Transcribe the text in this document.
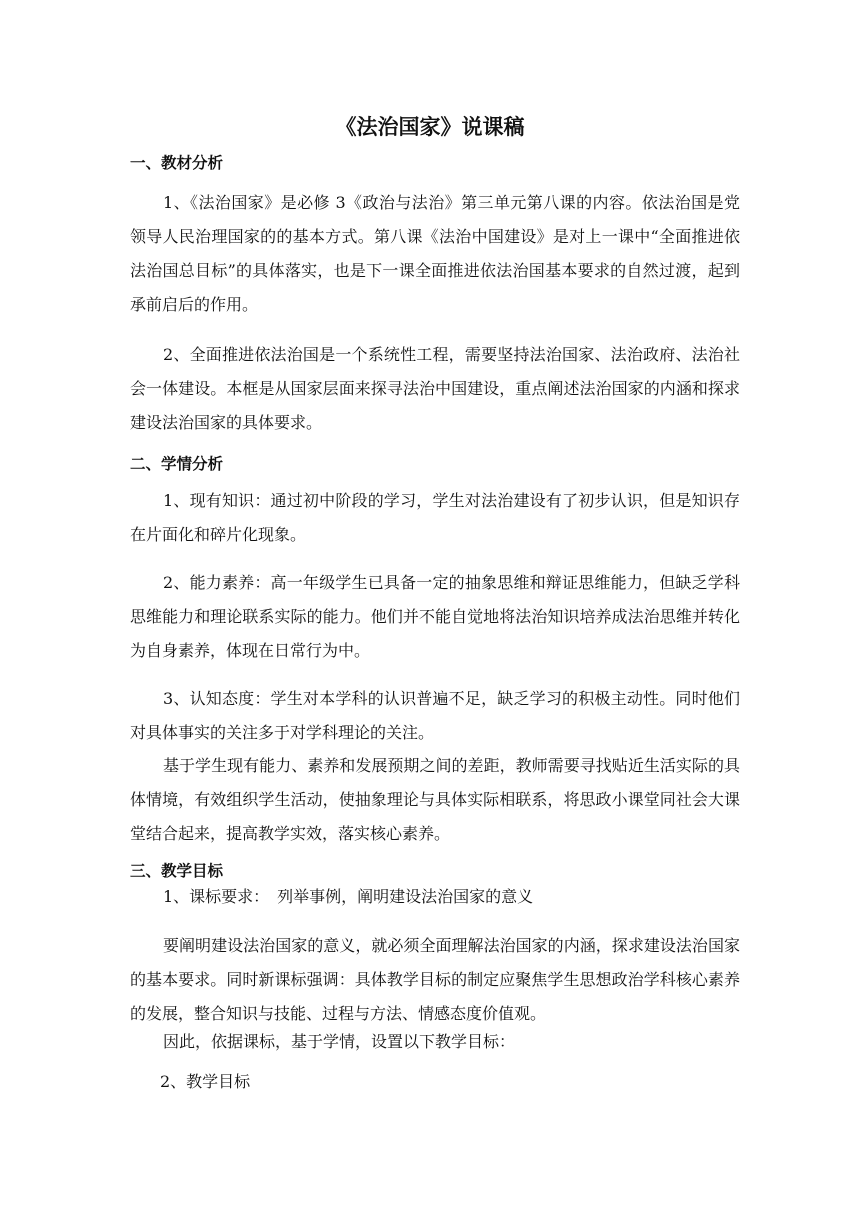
《法治国家》说课稿
一、教材分析

1、《法治国家》是必修 3《政治与法治》第三单元第八课的内容。依法治国是党领导人民治理国家的的基本方式。第八课《法治中国建设》是对上一课中“全面推进依法治国总目标”的具体落实，也是下一课全面推进依法治国基本要求的自然过渡，起到承前启后的作用。

2、全面推进依法治国是一个系统性工程，需要坚持法治国家、法治政府、法治社会一体建设。本框是从国家层面来探寻法治中国建设，重点阐述法治国家的内涵和探求建设法治国家的具体要求。

二、学情分析

1、现有知识：通过初中阶段的学习，学生对法治建设有了初步认识，但是知识存在片面化和碎片化现象。

2、能力素养：高一年级学生已具备一定的抽象思维和辩证思维能力，但缺乏学科思维能力和理论联系实际的能力。他们并不能自觉地将法治知识培养成法治思维并转化为自身素养，体现在日常行为中。

3、认知态度：学生对本学科的认识普遍不足，缺乏学习的积极主动性。同时他们对具体事实的关注多于对学科理论的关注。

基于学生现有能力、素养和发展预期之间的差距，教师需要寻找贴近生活实际的具体情境，有效组织学生活动，使抽象理论与具体实际相联系，将思政小课堂同社会大课堂结合起来，提高教学实效，落实核心素养。

三、教学目标

1、课标要求：　列举事例，阐明建设法治国家的意义

要阐明建设法治国家的意义，就必须全面理解法治国家的内涵，探求建设法治国家的基本要求。同时新课标强调：具体教学目标的制定应聚焦学生思想政治学科核心素养的发展，整合知识与技能、过程与方法、情感态度价值观。

因此，依据课标，基于学情，设置以下教学目标：

2、教学目标
